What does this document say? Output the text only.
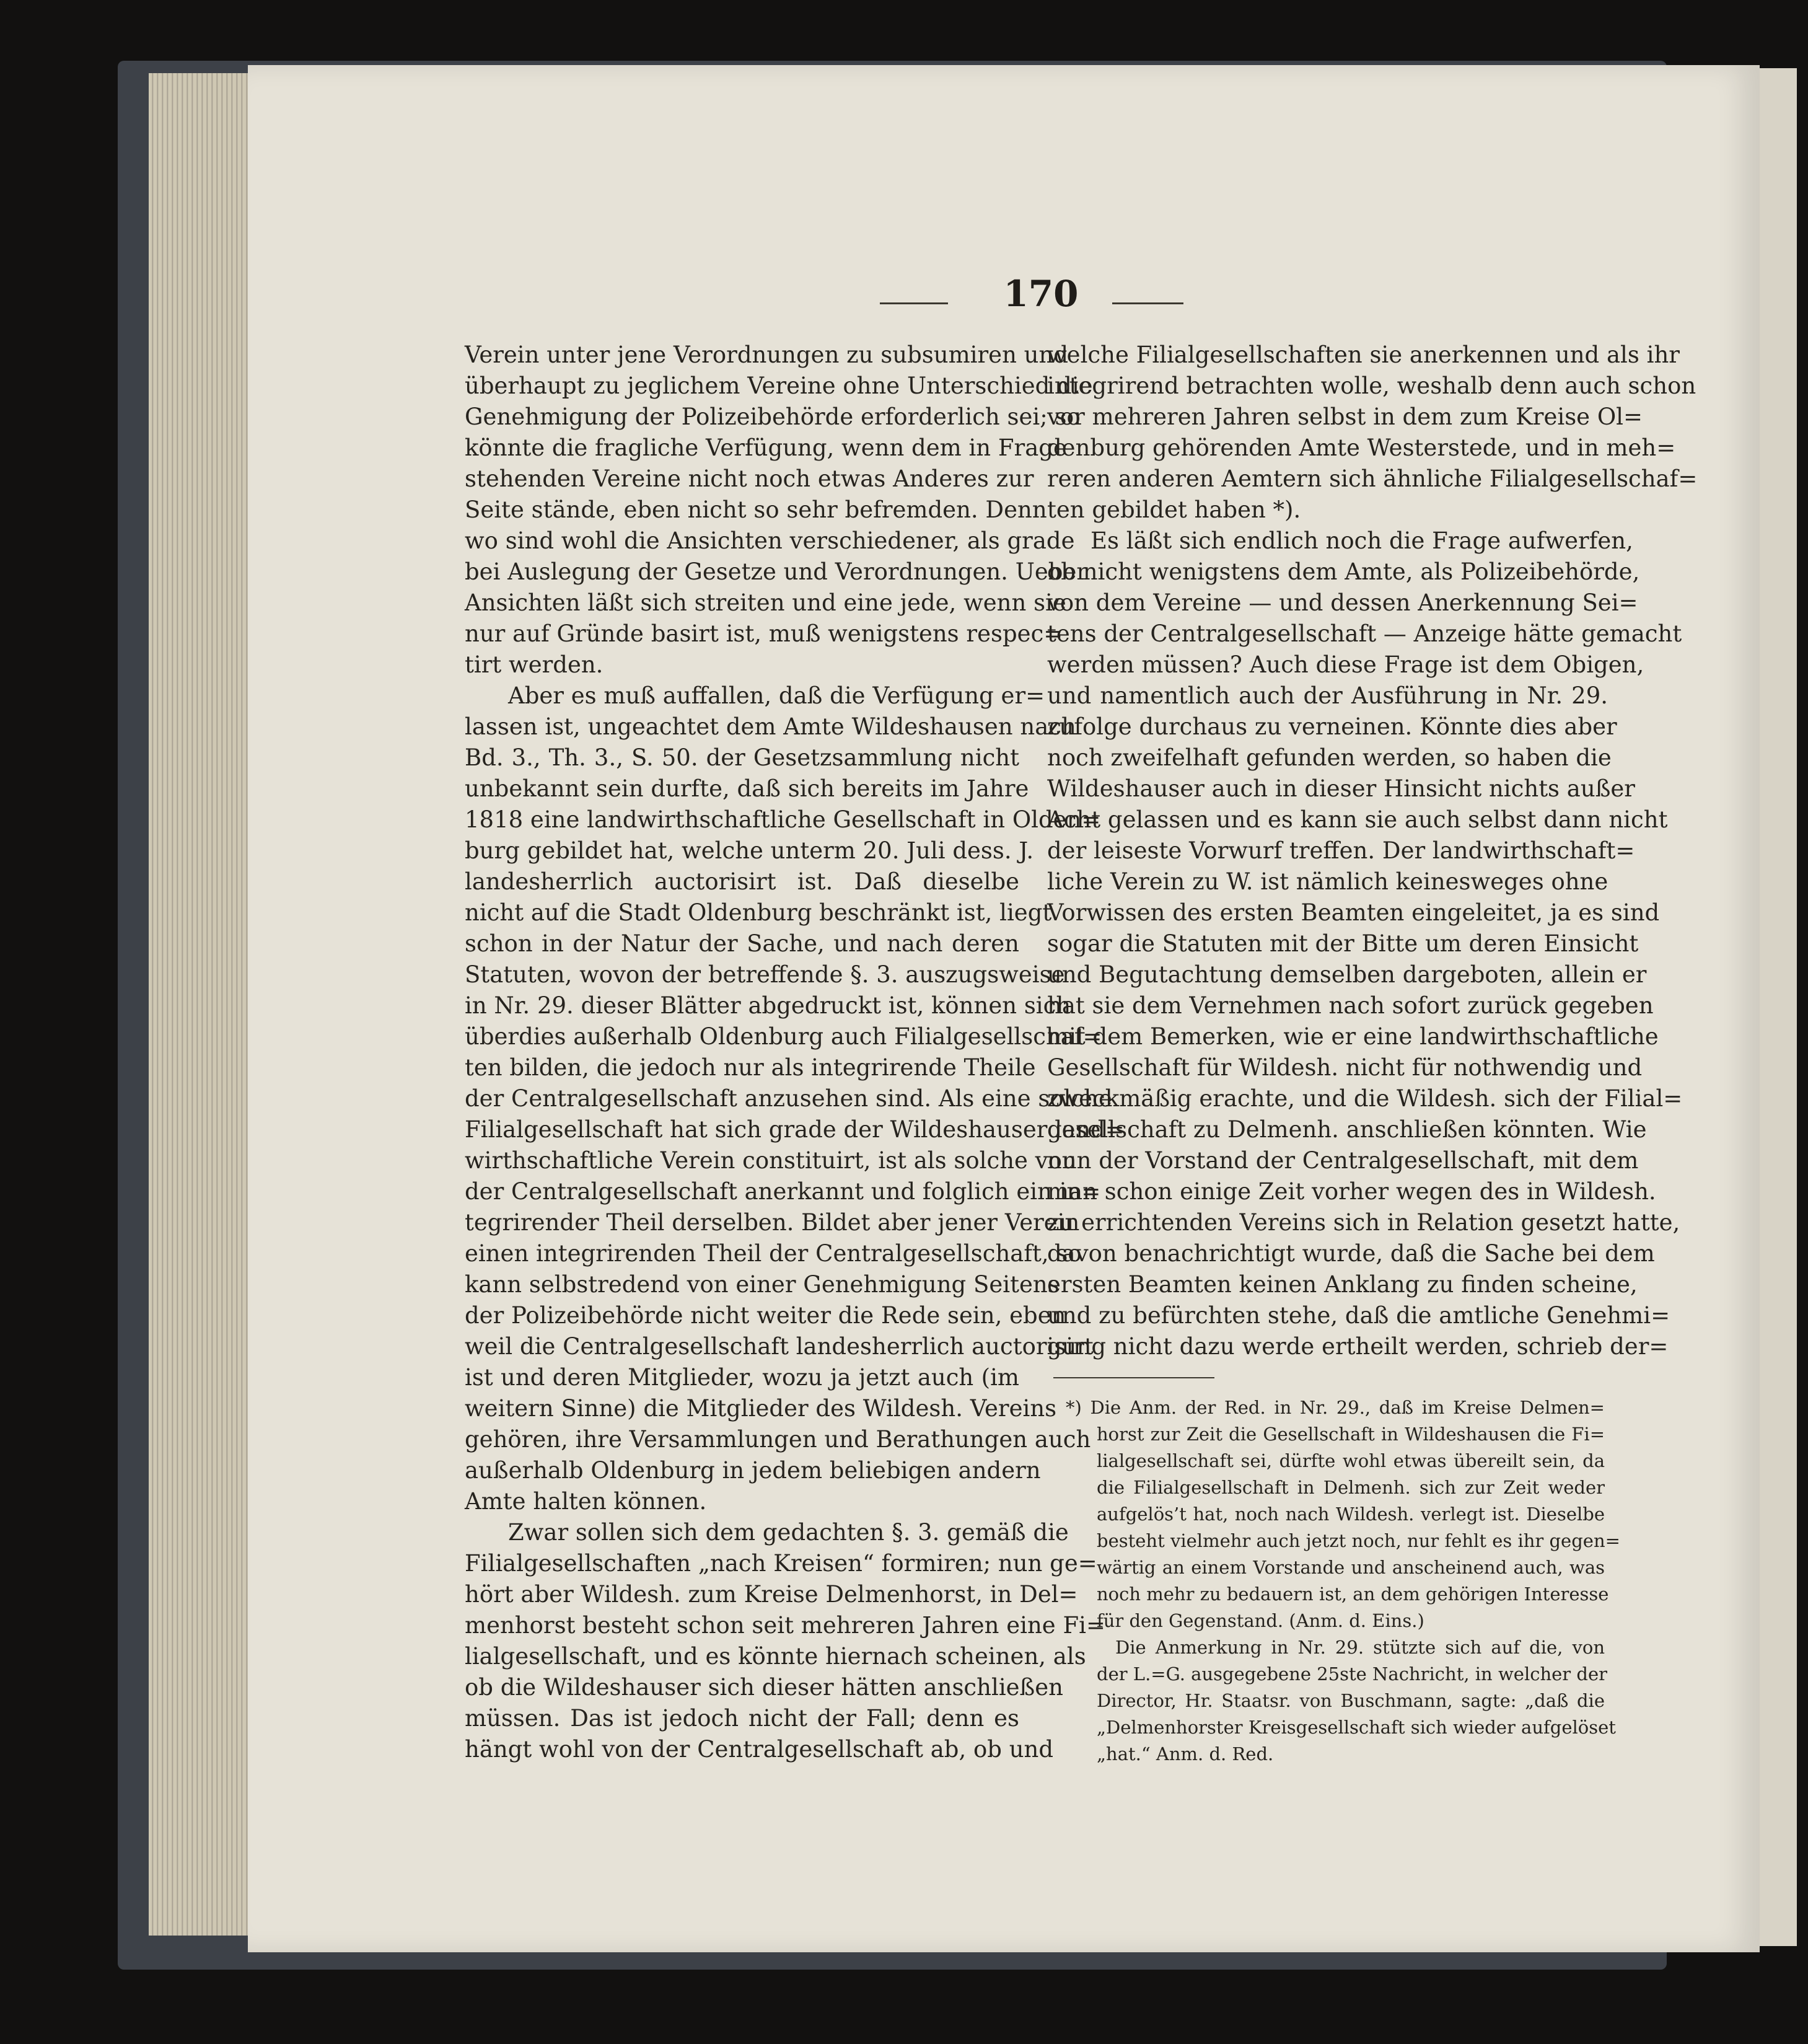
170
Verein unter jene Verordnungen zu subsumiren und
überhaupt zu jeglichem Vereine ohne Unterschied die
Genehmigung der Polizeibehörde erforderlich sei; so
könnte die fragliche Verfügung, wenn dem in Frage
stehenden Vereine nicht noch etwas Anderes zur
Seite stände, eben nicht so sehr befremden. Denn
wo sind wohl die Ansichten verschiedener, als grade
bei Auslegung der Gesetze und Verordnungen. Ueber
Ansichten läßt sich streiten und eine jede, wenn sie
nur auf Gründe basirt ist, muß wenigstens respec=
tirt werden.
Aber es muß auffallen, daß die Verfügung er=
lassen ist, ungeachtet dem Amte Wildeshausen nach
Bd. 3., Th. 3., S. 50. der Gesetzsammlung nicht
unbekannt sein durfte, daß sich bereits im Jahre
1818 eine landwirthschaftliche Gesellschaft in Olden=
burg gebildet hat, welche unterm 20. Juli dess. J.
landesherrlich auctorisirt ist. Daß dieselbe
nicht auf die Stadt Oldenburg beschränkt ist, liegt
schon in der Natur der Sache, und nach deren
Statuten, wovon der betreffende §. 3. auszugsweise
in Nr. 29. dieser Blätter abgedruckt ist, können sich
überdies außerhalb Oldenburg auch Filialgesellschaf=
ten bilden, die jedoch nur als integrirende Theile
der Centralgesellschaft anzusehen sind. Als eine solche
Filialgesellschaft hat sich grade der Wildeshauser land=
wirthschaftliche Verein constituirt, ist als solche von
der Centralgesellschaft anerkannt und folglich ein in=
tegrirender Theil derselben. Bildet aber jener Verein
einen integrirenden Theil der Centralgesellschaft, so
kann selbstredend von einer Genehmigung Seitens
der Polizeibehörde nicht weiter die Rede sein, eben
weil die Centralgesellschaft landesherrlich auctorisirt
ist und deren Mitglieder, wozu ja jetzt auch (im
weitern Sinne) die Mitglieder des Wildesh. Vereins
gehören, ihre Versammlungen und Berathungen auch
außerhalb Oldenburg in jedem beliebigen andern
Amte halten können.
Zwar sollen sich dem gedachten §. 3. gemäß die
Filialgesellschaften „nach Kreisen“ formiren; nun ge=
hört aber Wildesh. zum Kreise Delmenhorst, in Del=
menhorst besteht schon seit mehreren Jahren eine Fi=
lialgesellschaft, und es könnte hiernach scheinen, als
ob die Wildeshauser sich dieser hätten anschließen
müssen. Das ist jedoch nicht der Fall; denn es
hängt wohl von der Centralgesellschaft ab, ob und
welche Filialgesellschaften sie anerkennen und als ihr
integrirend betrachten wolle, weshalb denn auch schon
vor mehreren Jahren selbst in dem zum Kreise Ol=
denburg gehörenden Amte Westerstede, und in meh=
reren anderen Aemtern sich ähnliche Filialgesellschaf=
ten gebildet haben *).
Es läßt sich endlich noch die Frage aufwerfen,
ob nicht wenigstens dem Amte, als Polizeibehörde,
von dem Vereine — und dessen Anerkennung Sei=
tens der Centralgesellschaft — Anzeige hätte gemacht
werden müssen? Auch diese Frage ist dem Obigen,
und namentlich auch der Ausführung in Nr. 29.
zufolge durchaus zu verneinen. Könnte dies aber
noch zweifelhaft gefunden werden, so haben die
Wildeshauser auch in dieser Hinsicht nichts außer
Acht gelassen und es kann sie auch selbst dann nicht
der leiseste Vorwurf treffen. Der landwirthschaft=
liche Verein zu W. ist nämlich keinesweges ohne
Vorwissen des ersten Beamten eingeleitet, ja es sind
sogar die Statuten mit der Bitte um deren Einsicht
und Begutachtung demselben dargeboten, allein er
hat sie dem Vernehmen nach sofort zurück gegeben
mit dem Bemerken, wie er eine landwirthschaftliche
Gesellschaft für Wildesh. nicht für nothwendig und
zweckmäßig erachte, und die Wildesh. sich der Filial=
gesellschaft zu Delmenh. anschließen könnten. Wie
nun der Vorstand der Centralgesellschaft, mit dem
man schon einige Zeit vorher wegen des in Wildesh.
zu errichtenden Vereins sich in Relation gesetzt hatte,
davon benachrichtigt wurde, daß die Sache bei dem
ersten Beamten keinen Anklang zu finden scheine,
und zu befürchten stehe, daß die amtliche Genehmi=
gung nicht dazu werde ertheilt werden, schrieb der=
*) Die Anm. der Red. in Nr. 29., daß im Kreise Delmen=
horst zur Zeit die Gesellschaft in Wildeshausen die Fi=
lialgesellschaft sei, dürfte wohl etwas übereilt sein, da
die Filialgesellschaft in Delmenh. sich zur Zeit weder
aufgelös’t hat, noch nach Wildesh. verlegt ist. Dieselbe
besteht vielmehr auch jetzt noch, nur fehlt es ihr gegen=
wärtig an einem Vorstande und anscheinend auch, was
noch mehr zu bedauern ist, an dem gehörigen Interesse
für den Gegenstand. (Anm. d. Eins.)
Die Anmerkung in Nr. 29. stützte sich auf die, von
der L.=G. ausgegebene 25ste Nachricht, in welcher der
Director, Hr. Staatsr. von Buschmann, sagte: „daß die
„Delmenhorster Kreisgesellschaft sich wieder aufgelöset
„hat.“ Anm. d. Red.
